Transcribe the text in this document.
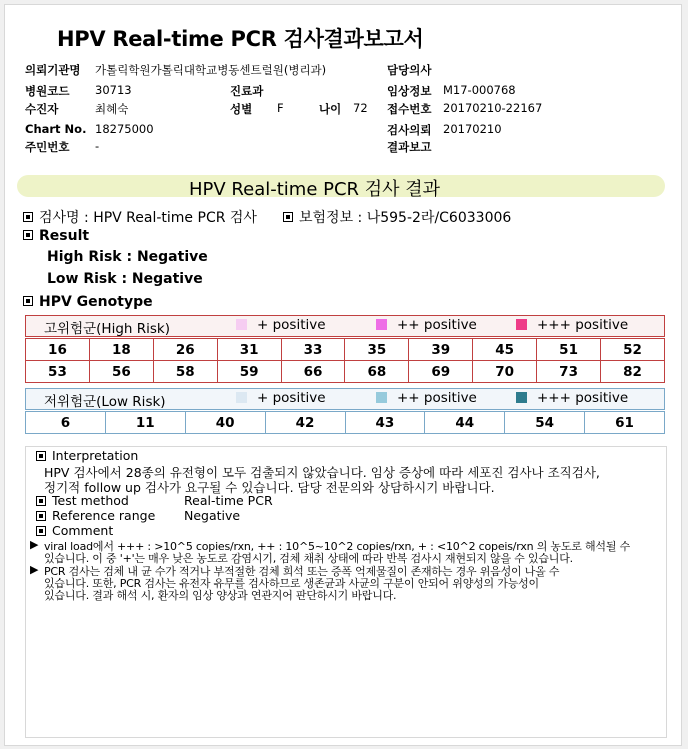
HPV Real-time PCR 검사결과보고서
의뢰기관명 가톨릭학원가톨릭대학교병동센트럴원(병리과)	담당의사
병원코드 30713	진료과	임상정보 M17-000768
수진자	최혜숙	성별 F	나이 72 접수번호 20170210-22167
Chart No. 18275000	검사의뢰 20170210
주민번호 -	결과보고
HPV Real-time PCR 검사 결과
검사명 : HPV Real-time PCR 검사	보험정보 : 나595-2라/C6033006
Result
High Risk : Negative
Low Risk : Negative
HPV Genotype
고위험군(High Risk)	+ positive	++ positive	+++ positive
16	18	26	31	33	35	39	45	51	52
53	56	58	59	66	68	69	70	73	82
저위험군(Low Risk)	+ positive	++ positive	+++ positive
6	11	40	42	43	44	54	61
Interpretation
HPV 검사에서 28종의 유전형이 모두 검출되지 않았습니다. 임상 증상에 따라 세포진 검사나 조직검사,
정기적 follow up 검사가 요구될 수 있습니다. 담당 전문의와 상담하시기 바랍니다.
Test method	Real-time PCR
Reference range Negative
Comment
▶ viral load에서 +++ : >10^5 copies/rxn, ++ : 10^5~10^2 copies/rxn, + : <10^2 copeis/rxn 의 농도로 해석될 수
있습니다. 이 중 '+'는 매우 낮은 농도로 감염시기, 검체 채취 상태에 따라 반복 검사시 재현되지 않을 수 있습니다.
▶ PCR 검사는 검체 내 균 수가 적거나 부적절한 검체 희석 또는 증폭 억제물질이 존재하는 경우 위음성이 나올 수
있습니다. 또한, PCR 검사는 유전자 유무를 검사하므로 생존균과 사균의 구분이 안되어 위양성의 가능성이
있습니다. 결과 해석 시, 환자의 임상 양상과 연관지어 판단하시기 바랍니다.
